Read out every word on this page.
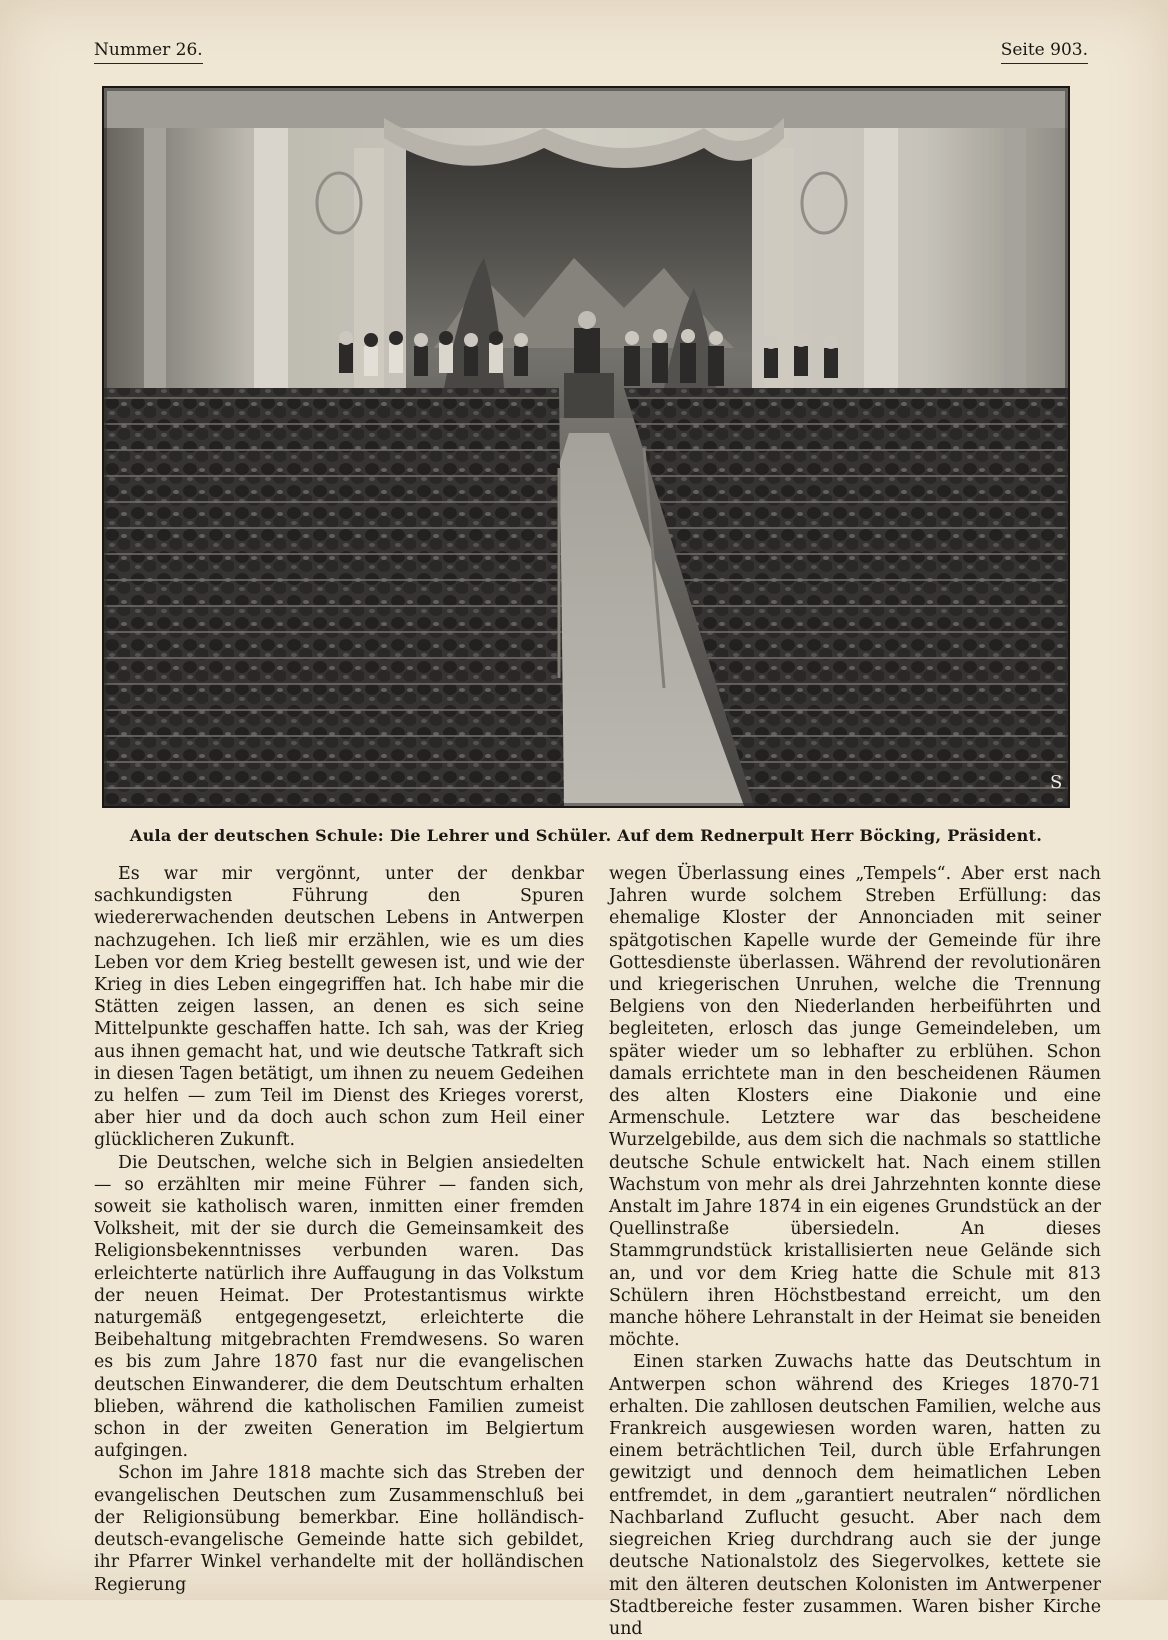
Nummer 26.	Seite 903.
S
Aula der deutschen Schule: Die Lehrer und Schüler. Auf dem Rednerpult Herr Böcking, Präsident.

Es war mir vergönnt, unter der denkbar sachkundigsten Führung den Spuren wiedererwachenden deutschen Lebens in Antwerpen nachzugehen. Ich ließ mir erzählen, wie es um dies Leben vor dem Krieg bestellt gewesen ist, und wie der Krieg in dies Leben eingegriffen hat. Ich habe mir die Stätten zeigen lassen, an denen es sich seine Mittelpunkte geschaffen hatte. Ich sah, was der Krieg aus ihnen gemacht hat, und wie deutsche Tatkraft sich in diesen Tagen betätigt, um ihnen zu neuem Gedeihen zu helfen — zum Teil im Dienst des Krieges vorerst, aber hier und da doch auch schon zum Heil einer glücklicheren Zukunft.

Die Deutschen, welche sich in Belgien ansiedelten — so erzählten mir meine Führer — fanden sich, soweit sie katholisch waren, inmitten einer fremden Volksheit, mit der sie durch die Gemeinsamkeit des Religionsbekenntnisses verbunden waren. Das erleichterte natürlich ihre Auffaugung in das Volkstum der neuen Heimat. Der Protestantismus wirkte naturgemäß entgegengesetzt, erleichterte die Beibehaltung mitgebrachten Fremdwesens. So waren es bis zum Jahre 1870 fast nur die evangelischen deutschen Einwanderer, die dem Deutschtum erhalten blieben, während die katholischen Familien zumeist schon in der zweiten Generation im Belgiertum aufgingen.

Schon im Jahre 1818 machte sich das Streben der evangelischen Deutschen zum Zusammenschluß bei der Religionsübung bemerkbar. Eine holländisch-deutsch-evangelische Gemeinde hatte sich gebildet, ihr Pfarrer Winkel verhandelte mit der holländischen Regierung

wegen Überlassung eines „Tempels“. Aber erst nach Jahren wurde solchem Streben Erfüllung: das ehemalige Kloster der Annonciaden mit seiner spätgotischen Kapelle wurde der Gemeinde für ihre Gottesdienste überlassen. Während der revolutionären und kriegerischen Unruhen, welche die Trennung Belgiens von den Niederlanden herbeiführten und begleiteten, erlosch das junge Gemeindeleben, um später wieder um so lebhafter zu erblühen. Schon damals errichtete man in den bescheidenen Räumen des alten Klosters eine Diakonie und eine Armenschule. Letztere war das bescheidene Wurzelgebilde, aus dem sich die nachmals so stattliche deutsche Schule entwickelt hat. Nach einem stillen Wachstum von mehr als drei Jahrzehnten konnte diese Anstalt im Jahre 1874 in ein eigenes Grundstück an der Quellinstraße übersiedeln. An dieses Stammgrundstück kristallisierten neue Gelände sich an, und vor dem Krieg hatte die Schule mit 813 Schülern ihren Höchstbestand erreicht, um den manche höhere Lehranstalt in der Heimat sie beneiden möchte.

Einen starken Zuwachs hatte das Deutschtum in Antwerpen schon während des Krieges 1870-71 erhalten. Die zahllosen deutschen Familien, welche aus Frankreich ausgewiesen worden waren, hatten zu einem beträchtlichen Teil, durch üble Erfahrungen gewitzigt und dennoch dem heimatlichen Leben entfremdet, in dem „garantiert neutralen“ nördlichen Nachbarland Zuflucht gesucht. Aber nach dem siegreichen Krieg durchdrang auch sie der junge deutsche Nationalstolz des Siegervolkes, kettete sie mit den älteren deutschen Kolonisten im Antwerpener Stadtbereiche fester zusammen. Waren bisher Kirche und
